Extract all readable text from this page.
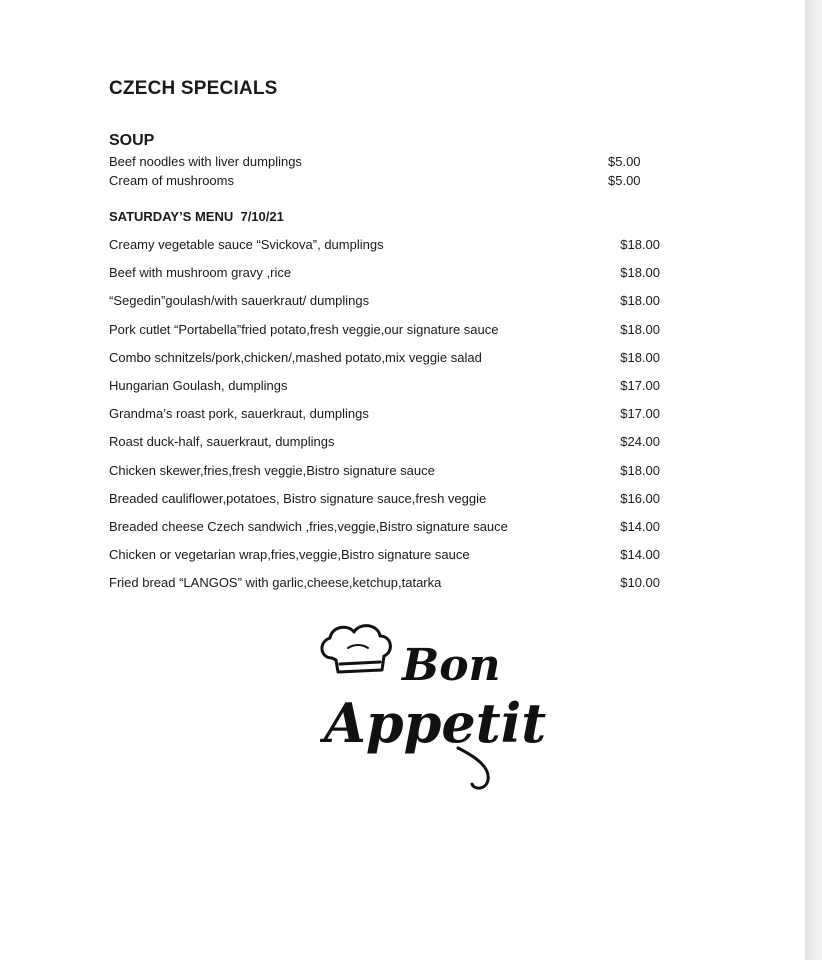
CZECH SPECIALS
SOUP
Beef noodles with liver dumplings	$5.00
Cream of mushrooms	$5.00
SATURDAY’S MENU  7/10/21
Creamy vegetable sauce “Svickova”, dumplings	$18.00
Beef with mushroom gravy ,rice	$18.00
“Segedin”goulash/with sauerkraut/ dumplings	$18.00
Pork cutlet “Portabella”fried potato,fresh veggie,our signature sauce	$18.00
Combo schnitzels/pork,chicken/,mashed potato,mix veggie salad	$18.00
Hungarian Goulash, dumplings	$17.00
Grandma’s roast pork, sauerkraut, dumplings	$17.00
Roast duck-half, sauerkraut, dumplings	$24.00
Chicken skewer,fries,fresh veggie,Bistro signature sauce	$18.00
Breaded cauliflower,potatoes, Bistro signature sauce,fresh veggie	$16.00
Breaded cheese Czech sandwich ,fries,veggie,Bistro signature sauce	$14.00
Chicken or vegetarian wrap,fries,veggie,Bistro signature sauce	$14.00
Fried bread “LANGOS” with garlic,cheese,ketchup,tatarka	$10.00
Bon
Appetit
